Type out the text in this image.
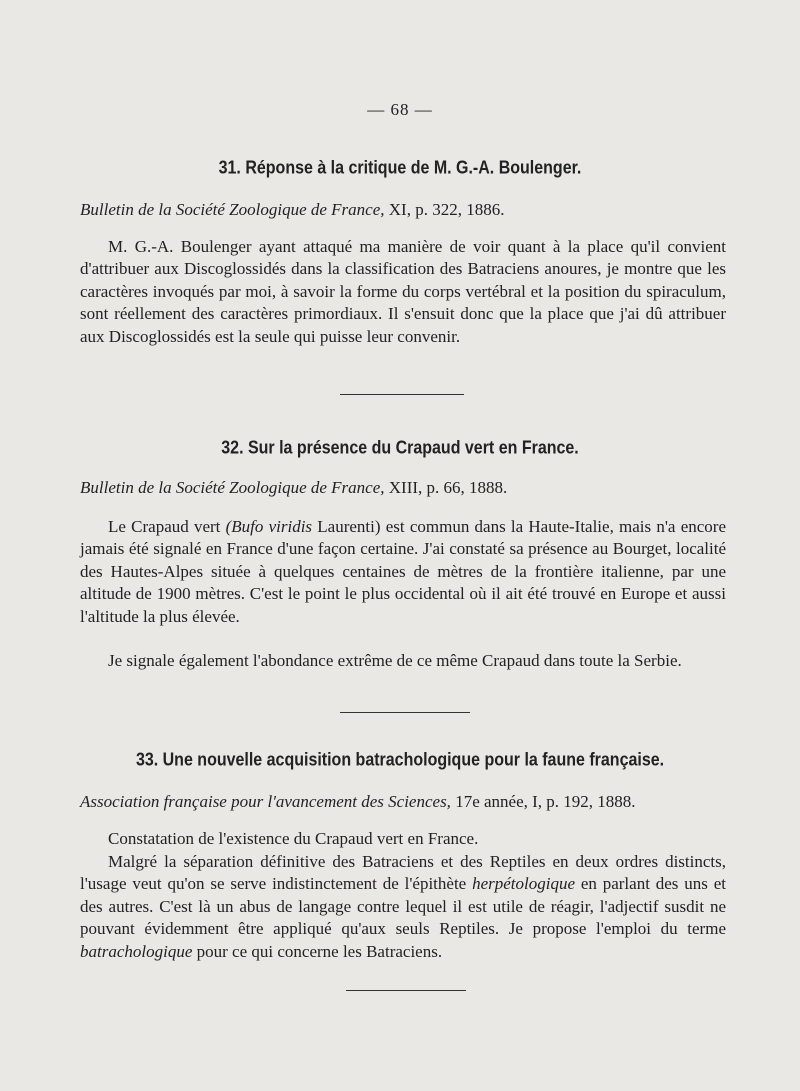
— 68 —
31. Réponse à la critique de M. G.-A. Boulenger.
Bulletin de la Société Zoologique de France, XI, p. 322, 1886.
M. G.-A. Boulenger ayant attaqué ma manière de voir quant à la place qu'il convient d'attribuer aux Discoglossidés dans la classification des Batraciens anoures, je montre que les caractères invoqués par moi, à savoir la forme du corps vertébral et la position du spiraculum, sont réellement des caractères primordiaux. Il s'ensuit donc que la place que j'ai dû attribuer aux Discoglossidés est la seule qui puisse leur convenir.
32. Sur la présence du Crapaud vert en France.
Bulletin de la Société Zoologique de France, XIII, p. 66, 1888.
Le Crapaud vert (Bufo viridis Laurenti) est commun dans la Haute-Italie, mais n'a encore jamais été signalé en France d'une façon certaine. J'ai constaté sa présence au Bourget, localité des Hautes-Alpes située à quelques centaines de mètres de la frontière italienne, par une altitude de 1900 mètres. C'est le point le plus occidental où il ait été trouvé en Europe et aussi l'altitude la plus élevée.
Je signale également l'abondance extrême de ce même Crapaud dans toute la Serbie.
33. Une nouvelle acquisition batrachologique pour la faune française.
Association française pour l'avancement des Sciences, 17e année, I, p. 192, 1888.
Constatation de l'existence du Crapaud vert en France.
Malgré la séparation définitive des Batraciens et des Reptiles en deux ordres distincts, l'usage veut qu'on se serve indistinctement de l'épithète herpétologique en parlant des uns et des autres. C'est là un abus de langage contre lequel il est utile de réagir, l'adjectif susdit ne pouvant évidemment être appliqué qu'aux seuls Reptiles. Je propose l'emploi du terme batrachologique pour ce qui concerne les Batraciens.
